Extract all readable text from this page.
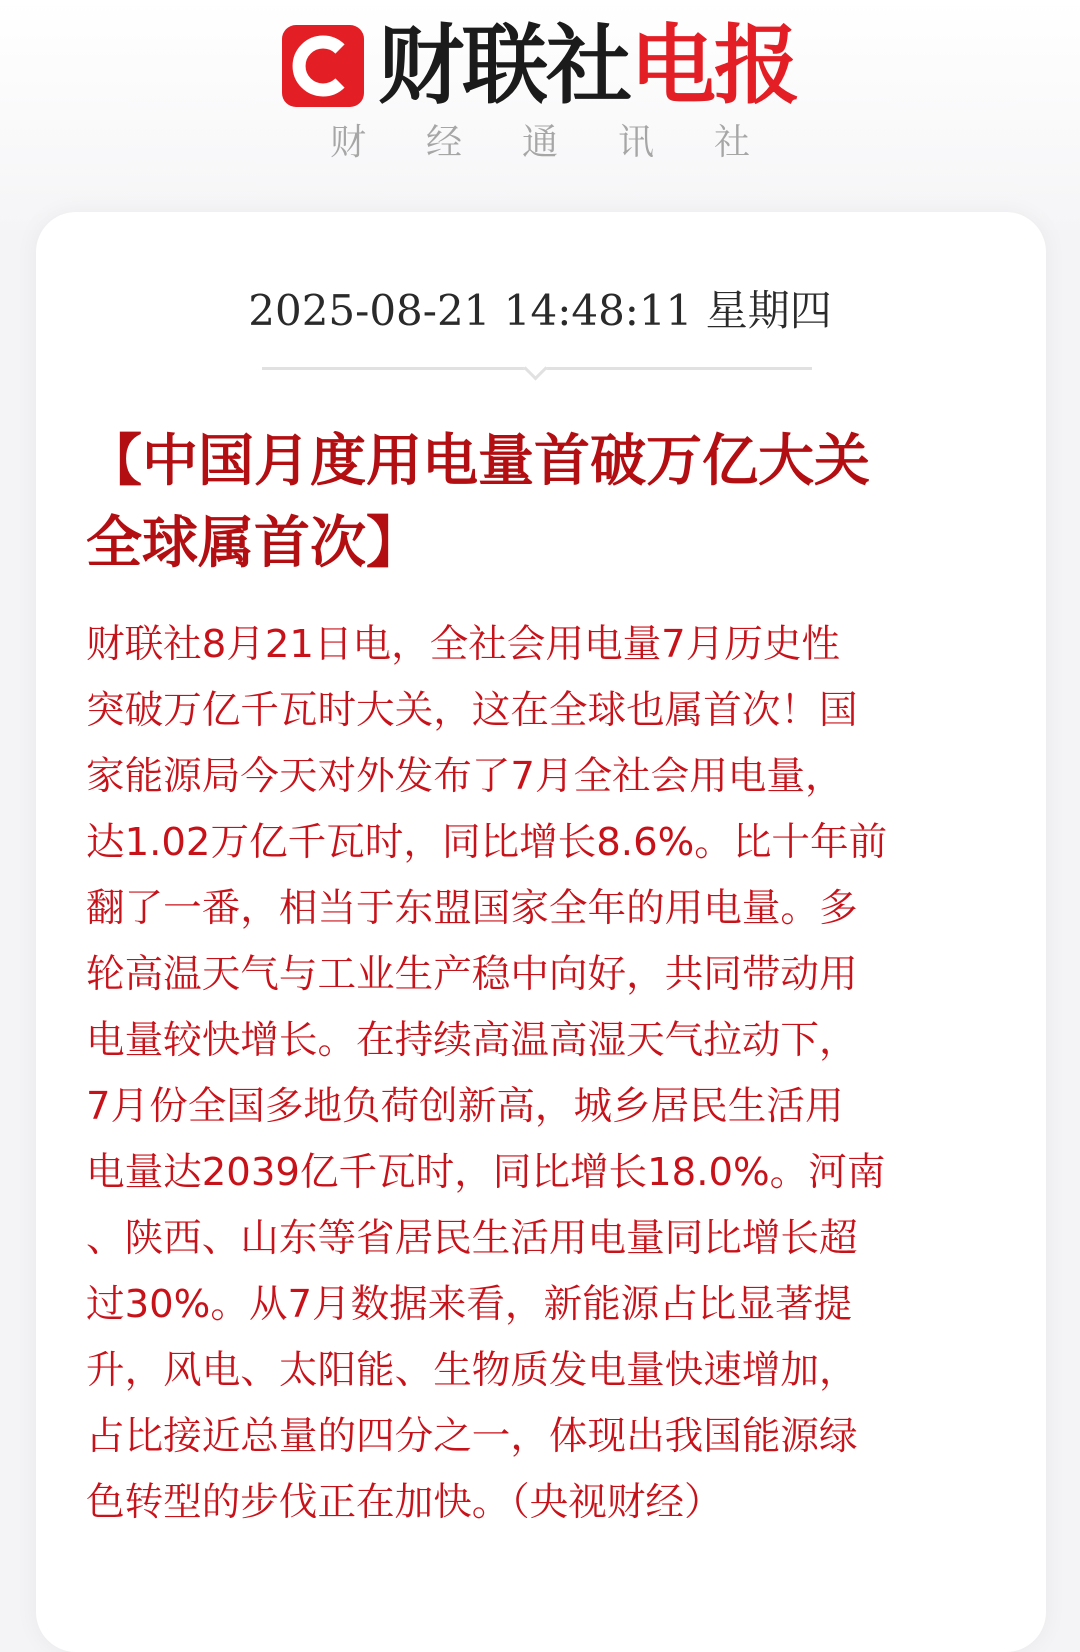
财联社 电报
财经通讯社
2025-08-21 14:48:11 星期四
【中国月度用电量首破万亿大关
全球属首次】
财联社8月21日电，全社会用电量7月历史性
突破万亿千瓦时大关，这在全球也属首次！国
家能源局今天对外发布了7月全社会用电量，
达1.02万亿千瓦时，同比增长8.6%。比十年前
翻了一番，相当于东盟国家全年的用电量。多
轮高温天气与工业生产稳中向好，共同带动用
电量较快增长。在持续高温高湿天气拉动下，
7月份全国多地负荷创新高，城乡居民生活用
电量达2039亿千瓦时，同比增长18.0%。河南
、陕西、山东等省居民生活用电量同比增长超
过30%。从7月数据来看，新能源占比显著提
升，风电、太阳能、生物质发电量快速增加，
占比接近总量的四分之一，体现出我国能源绿
色转型的步伐正在加快。（央视财经）
